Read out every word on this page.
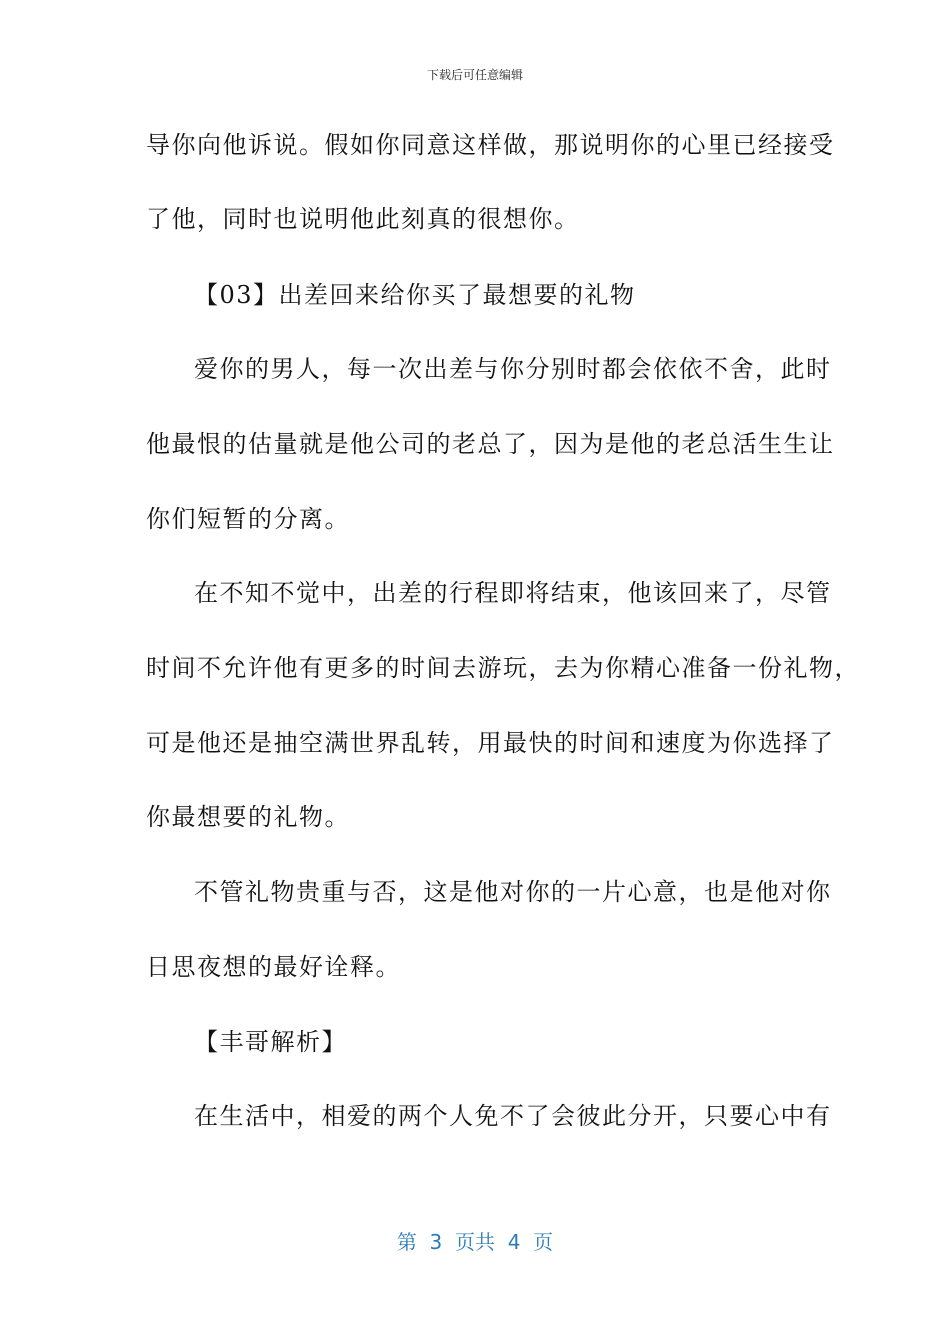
下载后可任意编辑
导你向他诉说。假如你同意这样做，那说明你的心里已经接受
了他，同时也说明他此刻真的很想你。
【03】出差回来给你买了最想要的礼物
爱你的男人，每一次出差与你分别时都会依依不舍，此时
他最恨的估量就是他公司的老总了，因为是他的老总活生生让
你们短暂的分离。
在不知不觉中，出差的行程即将结束，他该回来了，尽管
时间不允许他有更多的时间去游玩，去为你精心准备一份礼物，
可是他还是抽空满世界乱转，用最快的时间和速度为你选择了
你最想要的礼物。
不管礼物贵重与否，这是他对你的一片心意，也是他对你
日思夜想的最好诠释。
【丰哥解析】
在生活中，相爱的两个人免不了会彼此分开，只要心中有
第  3  页共  4  页
